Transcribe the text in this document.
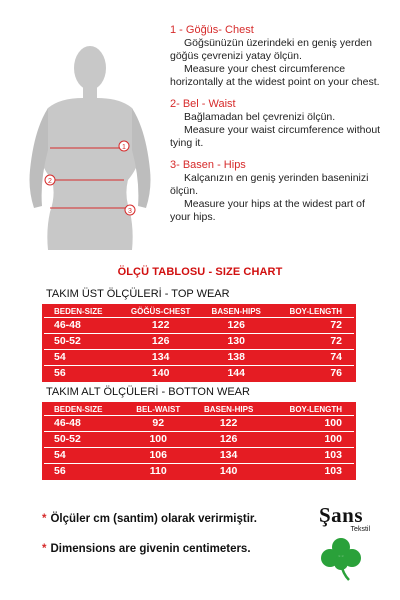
1
2
3
1 - Göğüs- Chest
Göğsünüzün üzerindeki en geniş yerden
göğüs çevrenizi yatay ölçün.
Measure your chest circumference
horizontally at the widest point on your chest.
2- Bel - Waist
Bağlamadan bel çevrenizi ölçün.
Measure your waist circumference without
tying it.
3- Basen - Hips
Kalçanızın en geniş yerinden baseninizi
ölçün.
Measure your hips at the widest part of
your hips.
ÖLÇÜ TABLOSU - SIZE CHART
TAKIM ÜST ÖLÇÜLERİ - TOP WEAR
BEDEN-SIZE	GÖĞÜS-CHEST	BASEN-HIPS	BOY-LENGTH
46-48	122	126	72
50-52	126	130	72
54	134	138	74
56	140	144	76
TAKIM ALT ÖLÇÜLERİ - BOTTON WEAR
BEDEN-SIZE	BEL-WAIST	BASEN-HIPS	BOY-LENGTH
46-48	92	122	100
50-52	100	126	100
54	106	134	103
56	110	140	103
* Ölçüler cm (santim) olarak verirmiştir.
* Dimensions are givenin centimeters.
Şans
Tekstil
